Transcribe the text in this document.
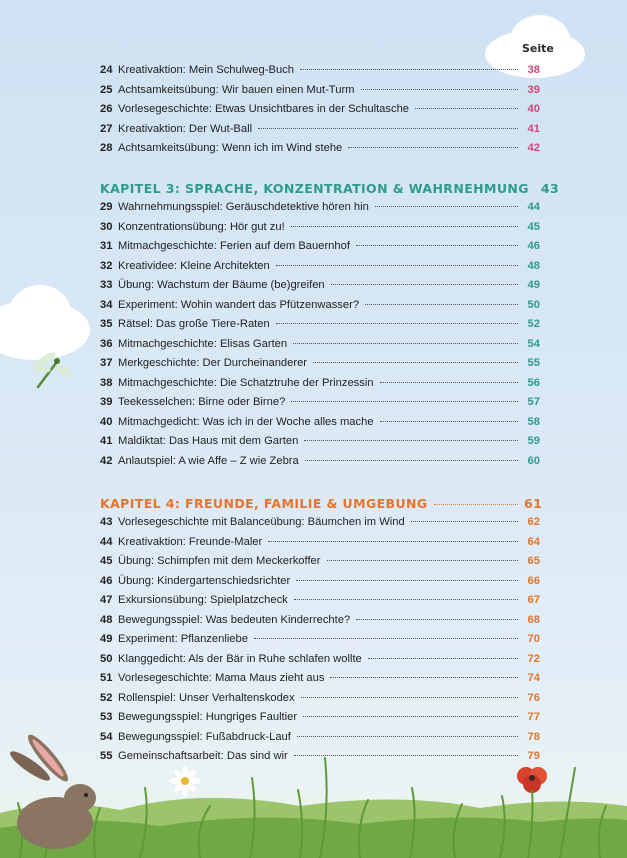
Seite
24 Kreativaktion: Mein Schulweg-Buch	38
25 Achtsamkeitsübung: Wir bauen einen Mut-Turm	39
26 Vorlesegeschichte: Etwas Unsichtbares in der Schultasche	40
27 Kreativaktion: Der Wut-Ball	41
28 Achtsamkeitsübung: Wenn ich im Wind stehe	42
KAPITEL 3: SPRACHE, KONZENTRATION & WAHRNEHMUNG 43
29 Wahrnehmungsspiel: Geräuschdetektive hören hin	44
30 Konzentrationsübung: Hör gut zu!	45
31 Mitmachgeschichte: Ferien auf dem Bauernhof	46
32 Kreatividee: Kleine Architekten	48
33 Übung: Wachstum der Bäume (be)greifen	49
34 Experiment: Wohin wandert das Pfützenwasser?	50
35 Rätsel: Das große Tiere-Raten	52
36 Mitmachgeschichte: Elisas Garten	54
37 Merkgeschichte: Der Durcheinanderer	55
38 Mitmachgeschichte: Die Schatztruhe der Prinzessin	56
39 Teekesselchen: Birne oder Birne?	57
40 Mitmachgedicht: Was ich in der Woche alles mache	58
41 Maldiktat: Das Haus mit dem Garten	59
42 Anlautspiel: A wie Affe – Z wie Zebra	60
KAPITEL 4: FREUNDE, FAMILIE & UMGEBUNG	61
43 Vorlesegeschichte mit Balanceübung: Bäumchen im Wind	62
44 Kreativaktion: Freunde-Maler	64
45 Übung: Schimpfen mit dem Meckerkoffer	65
46 Übung: Kindergartenschiedsrichter	66
47 Exkursionsübung: Spielplatzcheck	67
48 Bewegungsspiel: Was bedeuten Kinderrechte?	68
49 Experiment: Pflanzenliebe	70
50 Klanggedicht: Als der Bär in Ruhe schlafen wollte	72
51 Vorlesegeschichte: Mama Maus zieht aus	74
52 Rollenspiel: Unser Verhaltenskodex	76
53 Bewegungsspiel: Hungriges Faultier	77
54 Bewegungsspiel: Fußabdruck-Lauf	78
55 Gemeinschaftsarbeit: Das sind wir	79
